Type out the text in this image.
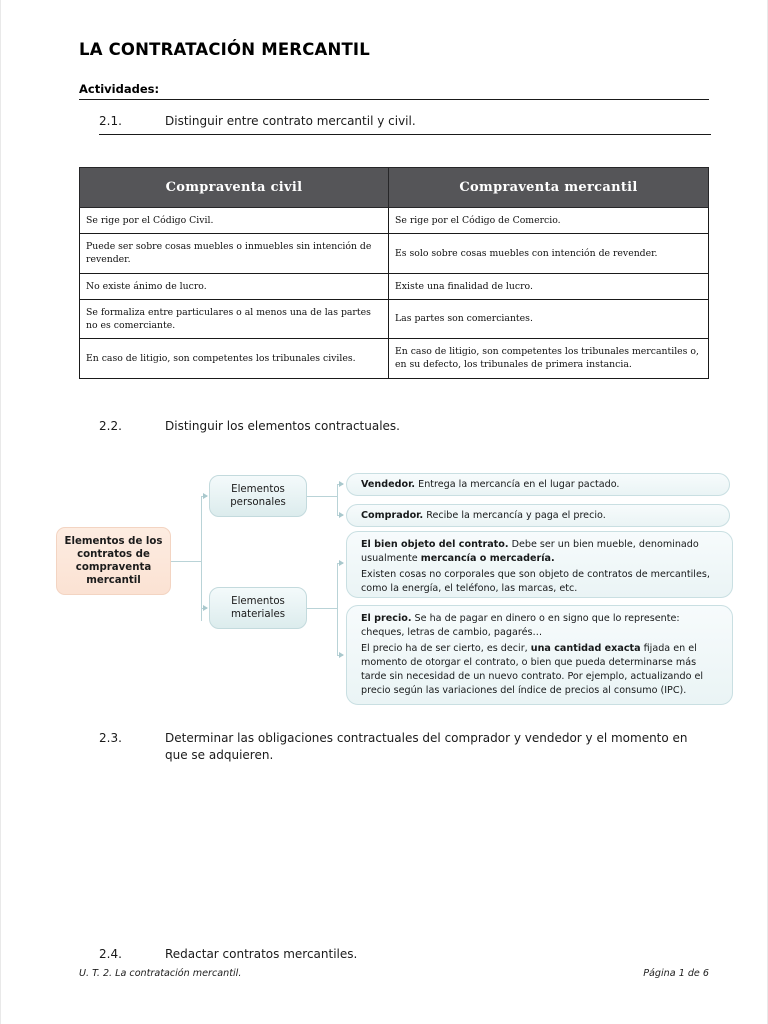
LA CONTRATACIÓN MERCANTIL
Actividades:
2.1.	Distinguir entre contrato mercantil y civil.
Compraventa civil	Compraventa mercantil
Se rige por el Código Civil.	Se rige por el Código de Comercio.
Puede ser sobre cosas muebles o inmuebles sin intención de revender.	Es solo sobre cosas muebles con intención de revender.
No existe ánimo de lucro.	Existe una finalidad de lucro.
Se formaliza entre particulares o al menos una de las partes no es comerciante.	Las partes son comerciantes.
En caso de litigio, son competentes los tribunales civiles.	En caso de litigio, son competentes los tribunales mercantiles o, en su defecto, los tribunales de primera instancia.
2.2.	Distinguir los elementos contractuales.
Elementos de los contratos de compraventa mercantil
Elementos personales
Elementos materiales
Vendedor. Entrega la mercancía en el lugar pactado.
Comprador. Recibe la mercancía y paga el precio.

El bien objeto del contrato. Debe ser un bien mueble, denominado usualmente mercancía o mercadería.

Existen cosas no corporales que son objeto de contratos de mercantiles, como la energía, el teléfono, las marcas, etc.

El precio. Se ha de pagar en dinero o en signo que lo represente: cheques, letras de cambio, pagarés…

El precio ha de ser cierto, es decir, una cantidad exacta fijada en el momento de otorgar el contrato, o bien que pueda determinarse más tarde sin necesidad de un nuevo contrato. Por ejemplo, actualizando el precio según las variaciones del índice de precios al consumo (IPC).

2.3.	Determinar las obligaciones contractuales del comprador y vendedor y el momento en que se adquieren.
2.4.	Redactar contratos mercantiles.
U. T. 2. La contratación mercantil.	Página 1 de 6
